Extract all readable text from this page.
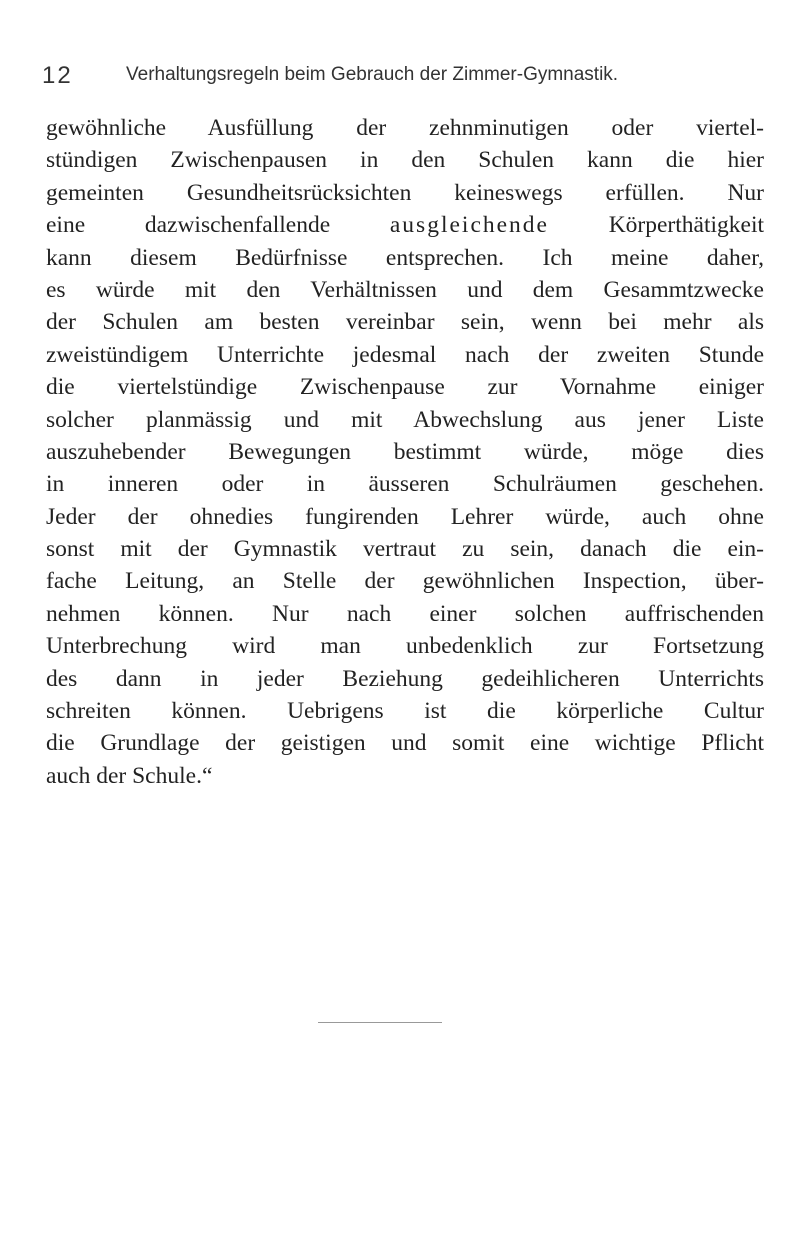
12	Verhaltungsregeln beim Gebrauch der Zimmer-Gymnastik.
gewöhnliche Ausfüllung der zehnminutigen oder viertel-
stündigen Zwischenpausen in den Schulen kann die hier
gemeinten Gesundheitsrücksichten keineswegs erfüllen. Nur
eine dazwischenfallende	ausgleichende	Körperthätigkeit
kann diesem Bedürfnisse entsprechen. Ich meine daher,
es würde mit den Verhältnissen und dem Gesammtzwecke
der Schulen am besten vereinbar sein, wenn bei mehr als
zweistündigem Unterrichte jedesmal nach der zweiten Stunde
die viertelstündige Zwischenpause zur Vornahme einiger
solcher planmässig und mit Abwechslung aus jener Liste
auszuhebender Bewegungen bestimmt würde, möge dies
in inneren oder in äusseren Schulräumen geschehen.
Jeder der ohnedies fungirenden Lehrer würde, auch ohne
sonst mit der Gymnastik vertraut zu sein, danach die ein-
fache Leitung, an Stelle der gewöhnlichen Inspection, über-
nehmen können. Nur nach einer solchen auffrischenden
Unterbrechung wird man unbedenklich zur Fortsetzung
des dann in jeder Beziehung gedeihlicheren Unterrichts
schreiten können. Uebrigens ist die körperliche Cultur
die Grundlage der geistigen und somit eine wichtige Pflicht
auch der Schule.“
